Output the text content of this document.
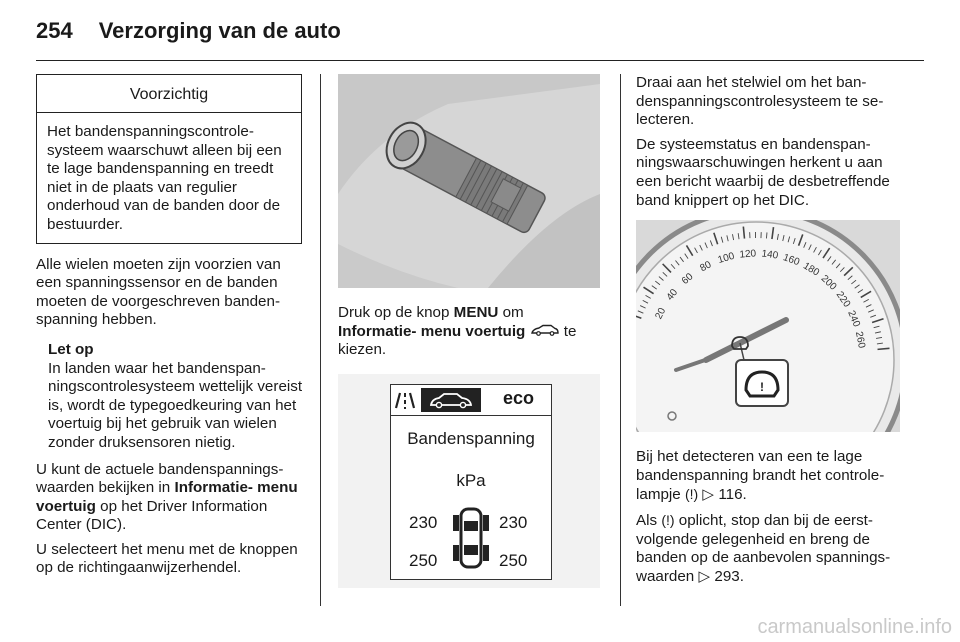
254 Verzorging van de auto
Voorzichtig
Het bandenspanningscontrolesysteem waarschuwt alleen bij een te lage bandenspanning en treedt niet in de plaats van regulier onderhoud van de banden door de bestuurder.

Alle wielen moeten zijn voorzien van een spanningssensor en de banden moeten de voorgeschreven bandenspanning hebben.

Let op

In landen waar het bandenspanningscontrolesysteem wettelijk vereist is, wordt de typegoedkeuring van het voertuig bij het gebruik van wielen zonder druksensoren nietig.

U kunt de actuele bandenspanningswaarden bekijken in Informatie- menu voertuig op het Driver Information Center (DIC).

U selecteert het menu met de knoppen op de richtingaanwijzerhendel.

Druk op de knop MENU om
Informatie- menu voertuig  te kiezen.

eco
Bandenspanning
kPa
230	230
250	250

Draai aan het stelwiel om het bandenspanningscontrolesysteem te selecteren.

De systeemstatus en bandenspanningswaarschuwingen herkent u aan een bericht waarbij de desbetreffende band knippert op het DIC.

20
40
60
80
100 120 140 160
180
200
220
240
260
!

Bij het detecteren van een te lage bandenspanning brandt het controlelampje (!) ▷ 116.

Als (!) oplicht, stop dan bij de eerstvolgende gelegenheid en breng de banden op de aanbevolen spanningswaarden ▷ 293.

carmanualsonline.info
